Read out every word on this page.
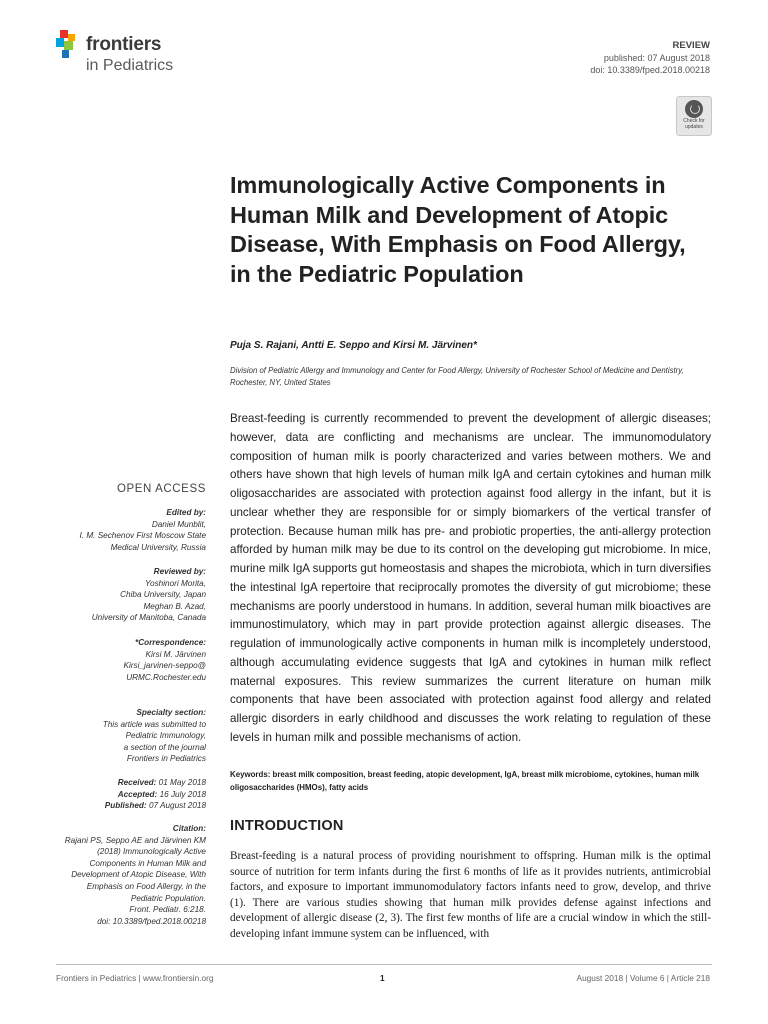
frontiers
in Pediatrics
REVIEW
published: 07 August 2018
doi: 10.3389/fped.2018.00218
Check for
updates
Immunologically Active Components in Human Milk and Development of Atopic Disease, With Emphasis on Food Allergy, in the Pediatric Population
Puja S. Rajani, Antti E. Seppo and Kirsi M. Järvinen*
Division of Pediatric Allergy and Immunology and Center for Food Allergy, University of Rochester School of Medicine and Dentistry, Rochester, NY, United States
Breast-feeding is currently recommended to prevent the development of allergic diseases; however, data are conflicting and mechanisms are unclear. The immunomodulatory composition of human milk is poorly characterized and varies between mothers. We and others have shown that high levels of human milk IgA and certain cytokines and human milk oligosaccharides are associated with protection against food allergy in the infant, but it is unclear whether they are responsible for or simply biomarkers of the vertical transfer of protection. Because human milk has pre- and probiotic properties, the anti-allergy protection afforded by human milk may be due to its control on the developing gut microbiome. In mice, murine milk IgA supports gut homeostasis and shapes the microbiota, which in turn diversifies the intestinal IgA repertoire that reciprocally promotes the diversity of gut microbiome; these mechanisms are poorly understood in humans. In addition, several human milk bioactives are immunostimulatory, which may in part provide protection against allergic diseases. The regulation of immunologically active components in human milk is incompletely understood, although accumulating evidence suggests that IgA and cytokines in human milk reflect maternal exposures. This review summarizes the current literature on human milk components that have been associated with protection against food allergy and related allergic disorders in early childhood and discusses the work relating to regulation of these levels in human milk and possible mechanisms of action.
Keywords: breast milk composition, breast feeding, atopic development, IgA, breast milk microbiome, cytokines, human milk oligosaccharides (HMOs), fatty acids
INTRODUCTION
Breast-feeding is a natural process of providing nourishment to offspring. Human milk is the optimal source of nutrition for term infants during the first 6 months of life as it provides nutrients, antimicrobial factors, and exposure to important immunomodulatory factors infants need to grow, develop, and thrive (1). There are various studies showing that human milk provides defense against infections and development of allergic disease (2, 3). The first few months of life are a crucial window in which the still-developing infant immune system can be influenced, with
OPEN ACCESS
Edited by:
Daniel Munblit,
I. M. Sechenov First Moscow State
Medical University, Russia
Reviewed by:
Yoshinori Morita,
Chiba University, Japan
Meghan B. Azad,
University of Manitoba, Canada
*Correspondence:
Kirsi M. Järvinen
Kirsi_jarvinen-seppo@
URMC.Rochester.edu
Specialty section:
This article was submitted to
Pediatric Immunology,
a section of the journal
Frontiers in Pediatrics
Received: 01 May 2018
Accepted: 16 July 2018
Published: 07 August 2018
Citation:
Rajani PS, Seppo AE and Järvinen KM
(2018) Immunologically Active
Components in Human Milk and
Development of Atopic Disease, With
Emphasis on Food Allergy, in the
Pediatric Population.
Front. Pediatr. 6:218.
doi: 10.3389/fped.2018.00218
Frontiers in Pediatrics | www.frontiersin.org	1	August 2018 | Volume 6 | Article 218
